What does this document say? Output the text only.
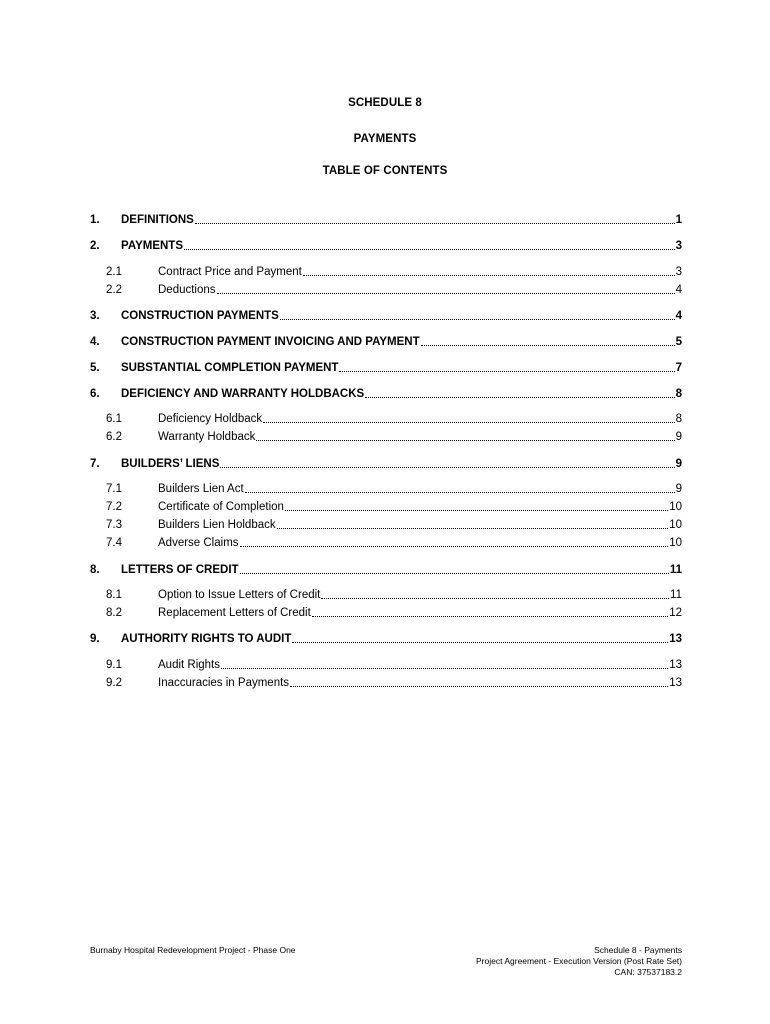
SCHEDULE 8
PAYMENTS
TABLE OF CONTENTS
1.	DEFINITIONS	1
2.	PAYMENTS	3
2.1	Contract Price and Payment	3
2.2	Deductions	4
3.	CONSTRUCTION PAYMENTS	4
4.	CONSTRUCTION PAYMENT INVOICING AND PAYMENT	5
5.	SUBSTANTIAL COMPLETION PAYMENT	7
6.	DEFICIENCY AND WARRANTY HOLDBACKS	8
6.1	Deficiency Holdback	8
6.2	Warranty Holdback	9
7.	BUILDERS’ LIENS	9
7.1	Builders Lien Act	9
7.2	Certificate of Completion	10
7.3	Builders Lien Holdback	10
7.4	Adverse Claims	10
8.	LETTERS OF CREDIT	11
8.1	Option to Issue Letters of Credit	11
8.2	Replacement Letters of Credit	12
9.	AUTHORITY RIGHTS TO AUDIT	13
9.1	Audit Rights	13
9.2	Inaccuracies in Payments	13
Burnaby Hospital Redevelopment Project - Phase One	Schedule 8 - Payments
Project Agreement - Execution Version (Post Rate Set)
CAN: 37537183.2
